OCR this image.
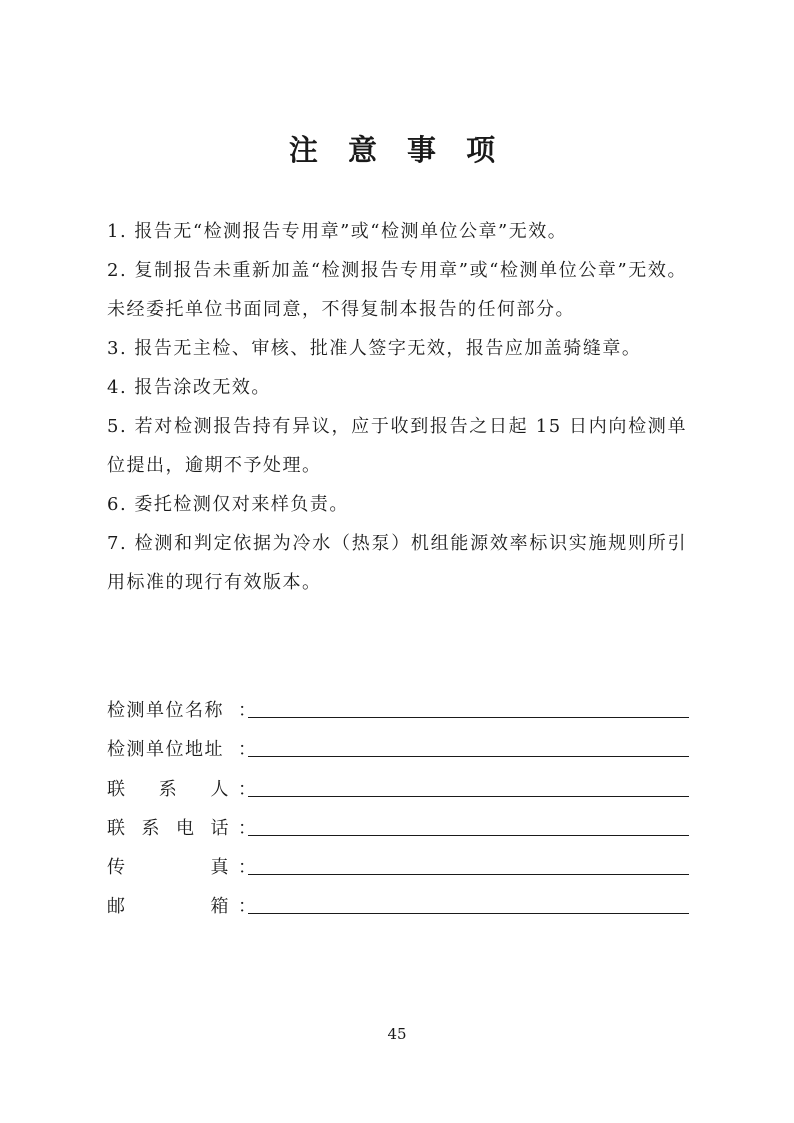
注 意 事 项

1. 报告无“检测报告专用章”或“检测单位公章”无效。

2. 复制报告未重新加盖“检测报告专用章”或“检测单位公章”无效。未经委托单位书面同意，不得复制本报告的任何部分。

3. 报告无主检、审核、批准人签字无效，报告应加盖骑缝章。

4. 报告涂改无效。

5. 若对检测报告持有异议，应于收到报告之日起 15 日内向检测单位提出，逾期不予处理。

6. 委托检测仅对来样负责。

7. 检测和判定依据为冷水（热泵）机组能源效率标识实施规则所引用标准的现行有效版本。

检测单位名称 ：
检测单位地址 ：
联系人 ：
联系电话 ：
传真 ：
邮箱 ：
45
